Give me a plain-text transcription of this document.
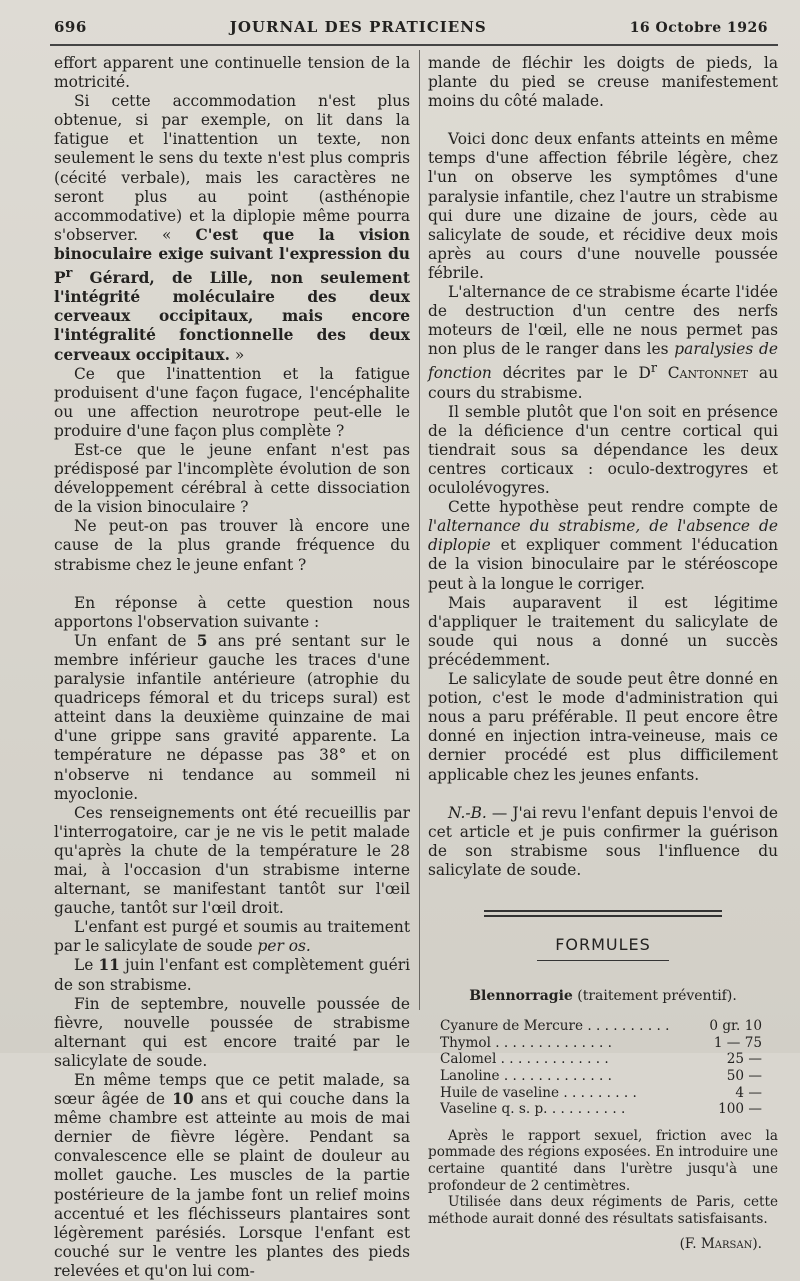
696	JOURNAL DES PRATICIENS	16 Octobre 1926

effort apparent une continuelle tension de la motricité.

Si cette accommodation n'est plus obtenue, si par exemple, on lit dans la fatigue et l'inattention un texte, non seulement le sens du texte n'est plus compris (cécité verbale), mais les caractères ne seront plus au point (asthénopie accommodative) et la diplopie même pourra s'observer. « C'est que la vision binoculaire exige suivant l'expression du $P^r$ Gérard, de Lille, non seulement l'intégrité moléculaire des deux cerveaux occipitaux, mais encore l'intégralité fonctionnelle des deux cerveaux occipitaux. »

Ce que l'inattention et la fatigue produisent d'une façon fugace, l'encéphalite ou une affection neurotrope peut-elle le produire d'une façon plus complète ?

Est-ce que le jeune enfant n'est pas prédisposé par l'incomplète évolution de son développement cérébral à cette dissociation de la vision binoculaire ?

Ne peut-on pas trouver là encore une cause de la plus grande fréquence du strabisme chez le jeune enfant ?

En réponse à cette question nous apportons l'observation suivante :

Un enfant de 5 ans pré sentant sur le membre inférieur gauche les traces d'une paralysie infantile antérieure (atrophie du quadriceps fémoral et du triceps sural) est atteint dans la deuxième quinzaine de mai d'une grippe sans gravité apparente. La température ne dépasse pas 38° et on n'observe ni tendance au sommeil ni myoclonie.

Ces renseignements ont été recueillis par l'interrogatoire, car je ne vis le petit malade qu'après la chute de la température le 28 mai, à l'occasion d'un strabisme interne alternant, se manifestant tantôt sur l'œil gauche, tantôt sur l'œil droit.

L'enfant est purgé et soumis au traitement par le salicylate de soude per os.

Le 11 juin l'enfant est complètement guéri de son strabisme.

Fin de septembre, nouvelle poussée de fièvre, nouvelle poussée de strabisme alternant qui est encore traité par le salicylate de soude.

En même temps que ce petit malade, sa sœur âgée de 10 ans et qui couche dans la même chambre est atteinte au mois de mai dernier de fièvre légère. Pendant sa convalescence elle se plaint de douleur au mollet gauche. Les muscles de la partie postérieure de la jambe font un relief moins accentué et les fléchisseurs plantaires sont légèrement parésiés. Lorsque l'enfant est couché sur le ventre les plantes des pieds relevées et qu'on lui com-

mande de fléchir les doigts de pieds, la plante du pied se creuse manifestement moins du côté malade.

Voici donc deux enfants atteints en même temps d'une affection fébrile légère, chez l'un on observe les symptômes d'une paralysie infantile, chez l'autre un strabisme qui dure une dizaine de jours, cède au salicylate de soude, et récidive deux mois après au cours d'une nouvelle poussée fébrile.

L'alternance de ce strabisme écarte l'idée de destruction d'un centre des nerfs moteurs de l'œil, elle ne nous permet pas non plus de le ranger dans les paralysies de fonction décrites par le $D^r$ Cantonnet au cours du strabisme.

Il semble plutôt que l'on soit en présence de la déficience d'un centre cortical qui tiendrait sous sa dépendance les deux centres corticaux : oculo-dextrogyres et oculolévogyres.

Cette hypothèse peut rendre compte de l'alternance du strabisme, de l'absence de diplopie et expliquer comment l'éducation de la vision binoculaire par le stéréoscope peut à la longue le corriger.

Mais auparavent il est légitime d'appliquer le traitement du salicylate de soude qui nous a donné un succès précédemment.

Le salicylate de soude peut être donné en potion, c'est le mode d'administration qui nous a paru préférable. Il peut encore être donné en injection intra-veineuse, mais ce dernier procédé est plus difficilement applicable chez les jeunes enfants.

N.-B. — J'ai revu l'enfant depuis l'envoi de cet article et je puis confirmer la guérison de son strabisme sous l'influence du salicylate de soude.

FORMULES
Blennorragie (traitement préventif).
Cyanure de Mercure . . . . . . . . . .	0 gr. 10
Thymol . . . . . . . . . . . . . .	1 — 75
Calomel . . . . . . . . . . . . .	25 —
Lanoline . . . . . . . . . . . . .	50 —
Huile de vaseline . . . . . . . . .	4 —
Vaseline q. s. p. . . . . . . . . .	100 —

Après le rapport sexuel, friction avec la pommade des régions exposées. En introduire une certaine quantité dans l'urètre jusqu'à une profondeur de 2 centimètres.

Utilisée dans deux régiments de Paris, cette méthode aurait donné des résultats satisfaisants.

(F. Marsan).
